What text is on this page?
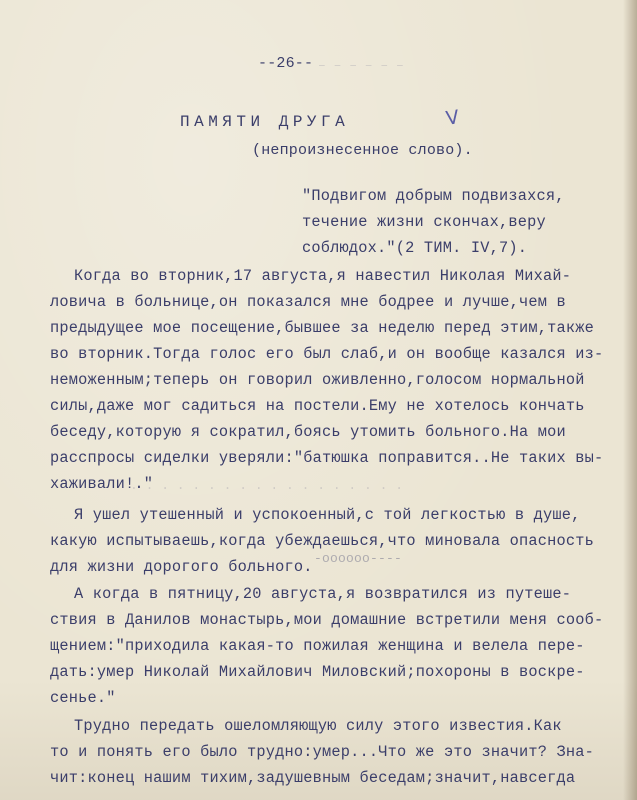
– – – – – –
. . . . . . . . . . . . . . . . . .
--26--
ПАМЯТИ ДРУГА	V
(непроизнесенное слово).
"Подвигом добрым подвизахся,
течение жизни скончах,веру
соблюдох."(2 ТИМ. IV,7).
Когда во вторник,17 августа,я навестил Николая Михай-
ловича в больнице,он показался мне бодрее и лучше,чем в
предыдущее мое посещение,бывшее за неделю перед этим,также
во вторник.Тогда голос его был слаб,и он вообще казался из-
неможенным;теперь он говорил оживленно,голосом нормальной
силы,даже мог садиться на постели.Ему не хотелось кончать
беседу,которую я сократил,боясь утомить больного.На мои
расспросы сиделки уверяли:"батюшка поправится..Не таких вы-
хаживали!."
Я ушел утешенный и успокоенный,с той легкостью в душе,
какую испытываешь,когда убеждаешься,что миновала опасность
для жизни дорогого больного. -oooooo----
А когда в пятницу,20 августа,я возвратился из путеше-
ствия в Данилов монастырь,мои домашние встретили меня сооб-
щением:"приходила какая-то пожилая женщина и велела пере-
дать:умер Николай Михайлович Миловский;похороны в воскре-
сенье."
Трудно передать ошеломляющую силу этого известия.Как
то и понять его было трудно:умер...Что же это значит? Зна-
чит:конец нашим тихим,задушевным беседам;значит,навсегда
